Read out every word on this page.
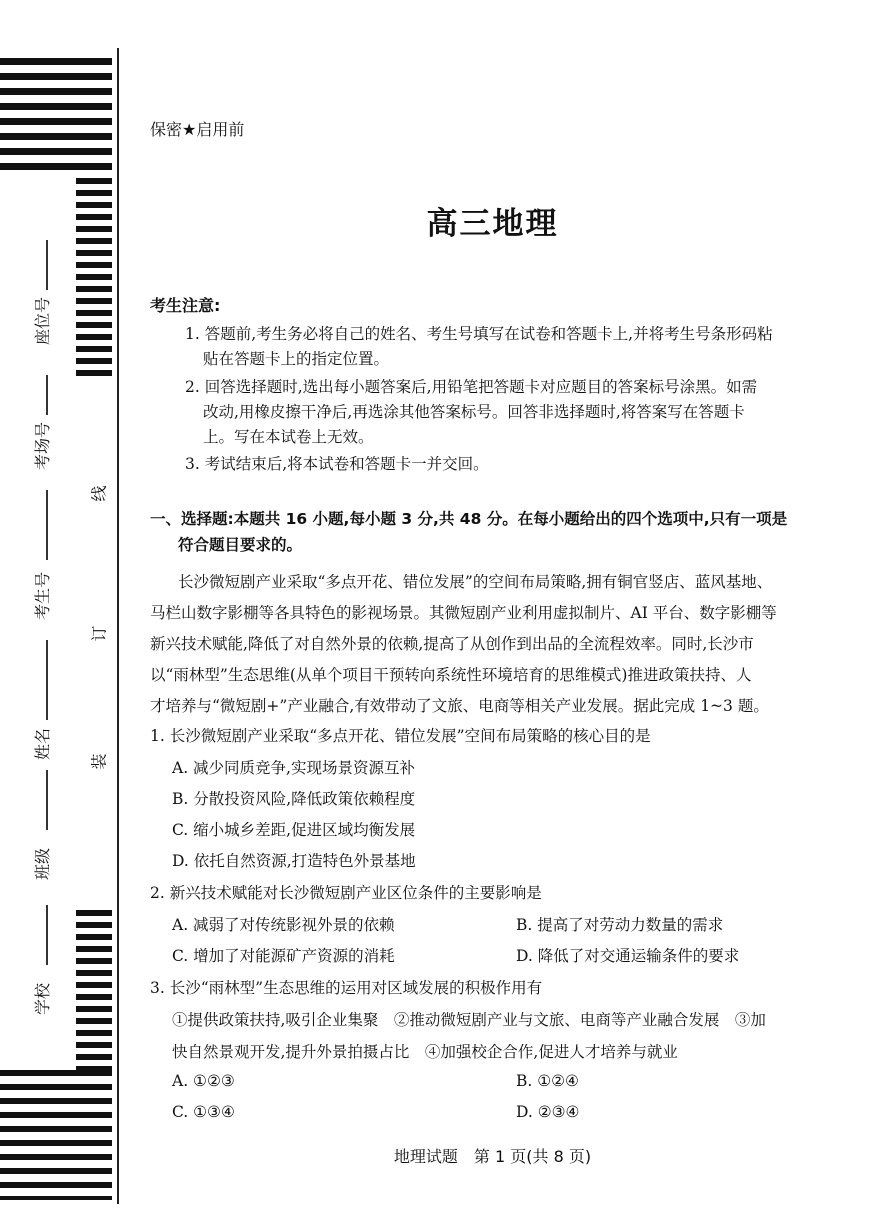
座位号
考场号
考生号
姓名
班级
学校
线
订
装
保密★启用前
高三地理
考生注意:
1. 答题前,考生务必将自己的姓名、考生号填写在试卷和答题卡上,并将考生号条形码粘
贴在答题卡上的指定位置。
2. 回答选择题时,选出每小题答案后,用铅笔把答题卡对应题目的答案标号涂黑。如需
改动,用橡皮擦干净后,再选涂其他答案标号。回答非选择题时,将答案写在答题卡
上。写在本试卷上无效。
3. 考试结束后,将本试卷和答题卡一并交回。
一、选择题:本题共 16 小题,每小题 3 分,共 48 分。在每小题给出的四个选项中,只有一项是
符合题目要求的。
长沙微短剧产业采取“多点开花、错位发展”的空间布局策略,拥有铜官竖店、蓝风基地、
马栏山数字影棚等各具特色的影视场景。其微短剧产业利用虚拟制片、AI 平台、数字影棚等
新兴技术赋能,降低了对自然外景的依赖,提高了从创作到出品的全流程效率。同时,长沙市
以“雨林型”生态思维(从单个项目干预转向系统性环境培育的思维模式)推进政策扶持、人
才培养与“微短剧+”产业融合,有效带动了文旅、电商等相关产业发展。据此完成 1~3 题。
1. 长沙微短剧产业采取“多点开花、错位发展”空间布局策略的核心目的是
A. 减少同质竞争,实现场景资源互补
B. 分散投资风险,降低政策依赖程度
C. 缩小城乡差距,促进区域均衡发展
D. 依托自然资源,打造特色外景基地
2. 新兴技术赋能对长沙微短剧产业区位条件的主要影响是
A. 减弱了对传统影视外景的依赖	B. 提高了对劳动力数量的需求
C. 增加了对能源矿产资源的消耗	D. 降低了对交通运输条件的要求
3. 长沙“雨林型”生态思维的运用对区域发展的积极作用有
①提供政策扶持,吸引企业集聚　②推动微短剧产业与文旅、电商等产业融合发展　③加
快自然景观开发,提升外景拍摄占比　④加强校企合作,促进人才培养与就业
A. ①②③	B. ①②④
C. ①③④	D. ②③④
地理试题　第 1 页(共 8 页)
